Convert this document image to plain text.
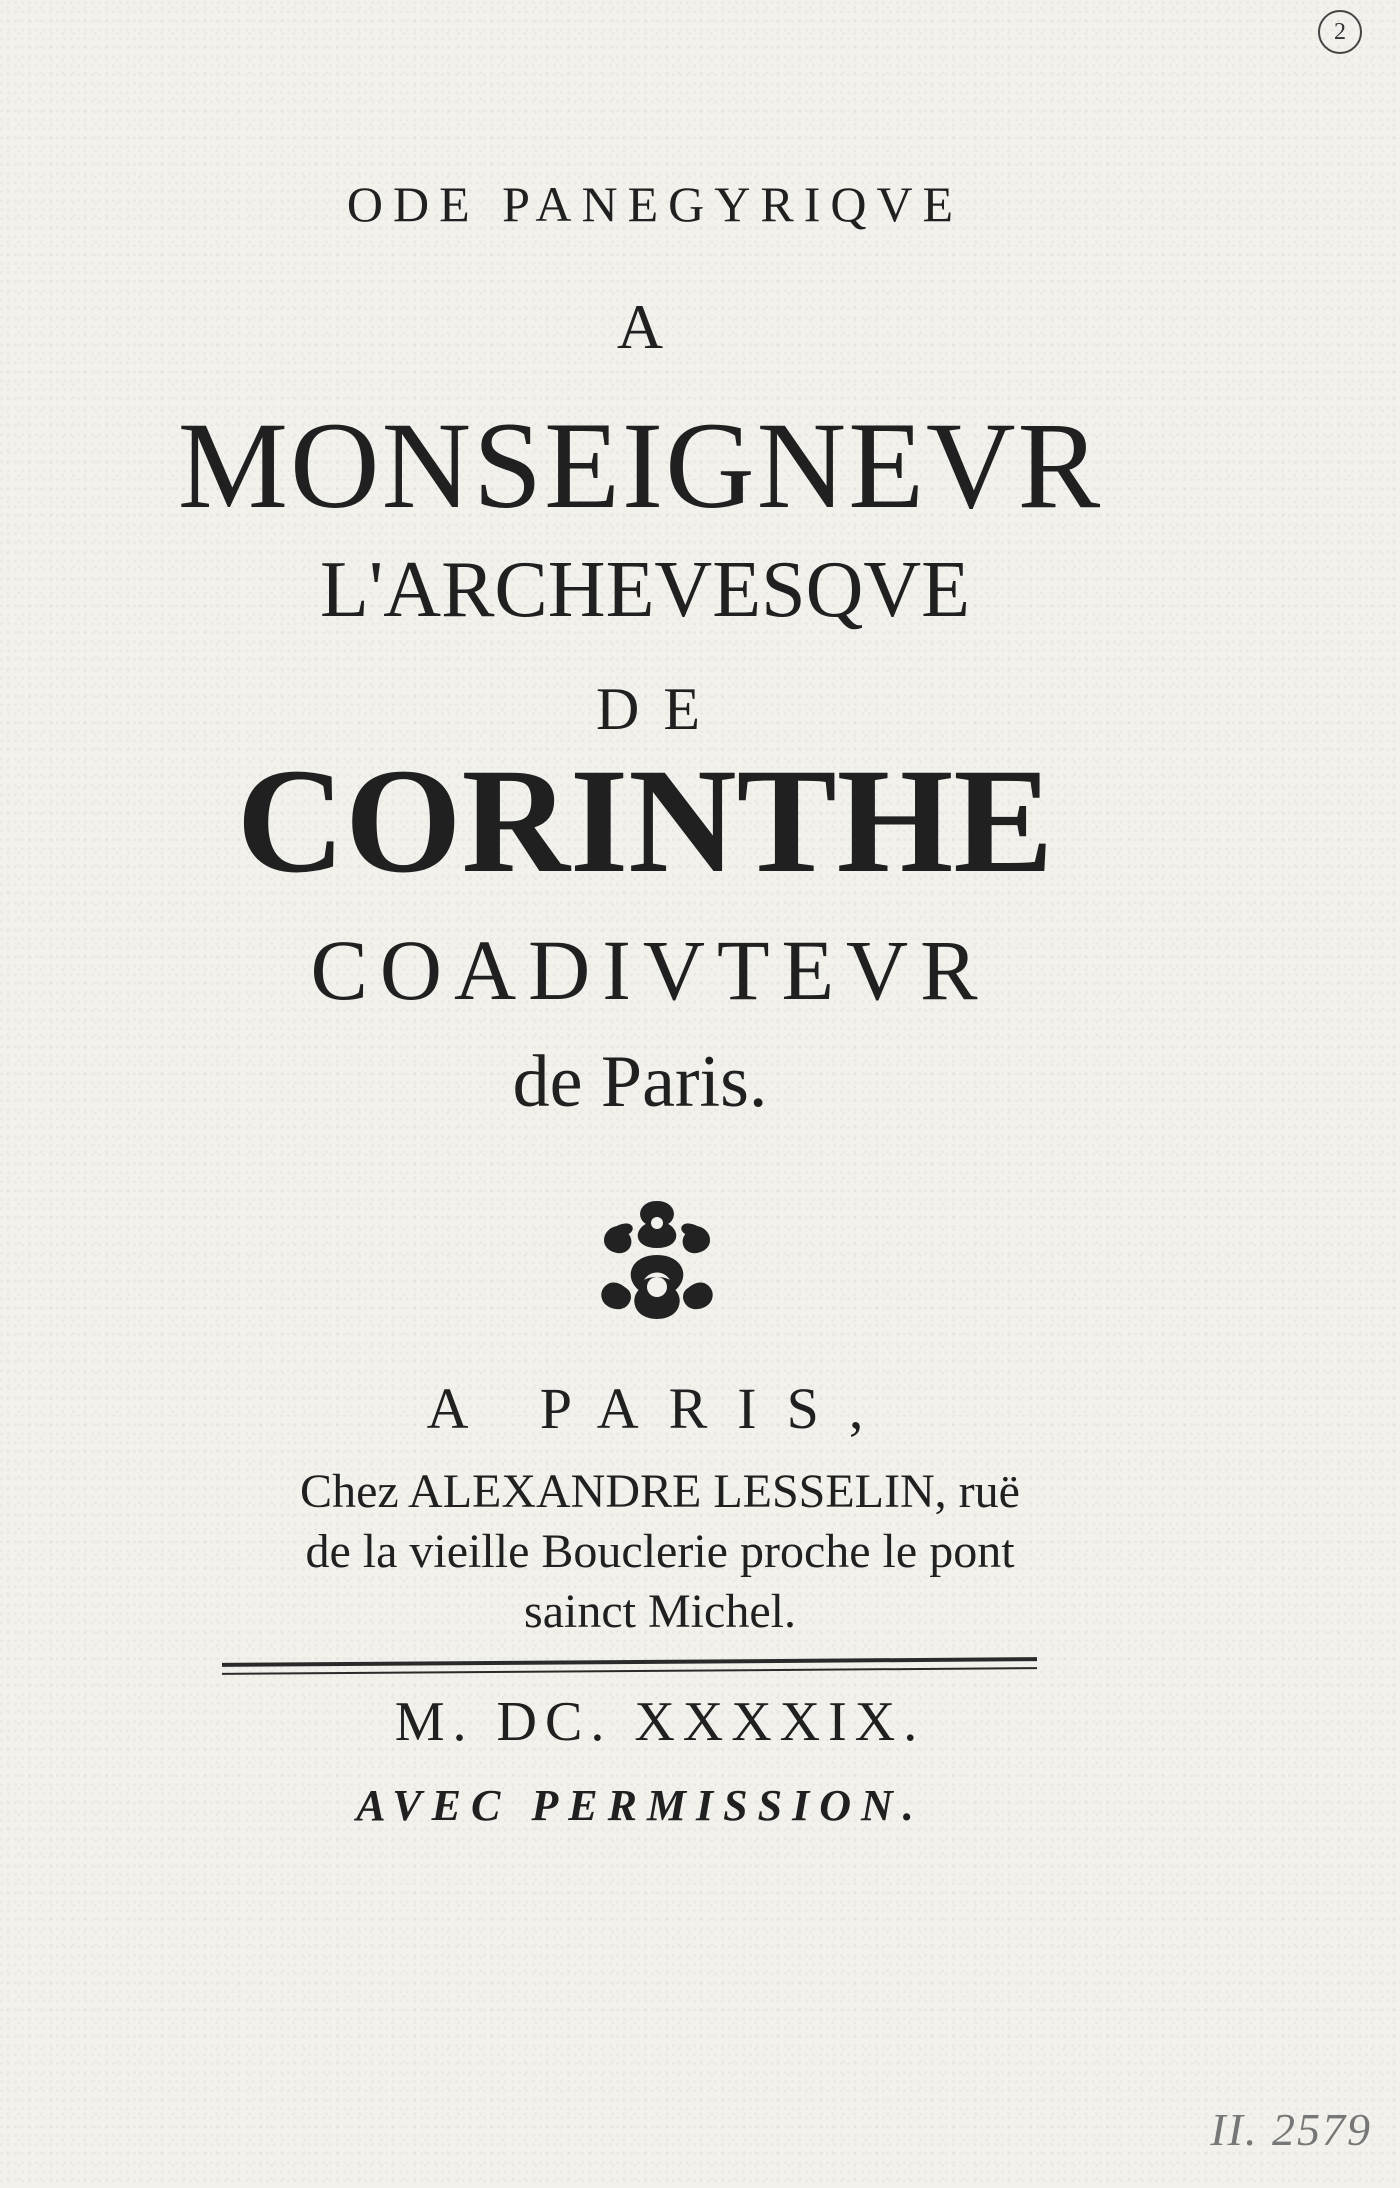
2
ODE PANEGYRIQVE
A
MONSEIGNEVR
L'ARCHEVESQVE
DE
CORINTHE
COADIVTEVR
de Paris.
A PARIS,
Chez ALEXANDRE LESSELIN, ruë
de la vieille Bouclerie proche le pont
sainct Michel.
M. DC. XXXXIX.
AVEC PERMISSION.
II. 2579
